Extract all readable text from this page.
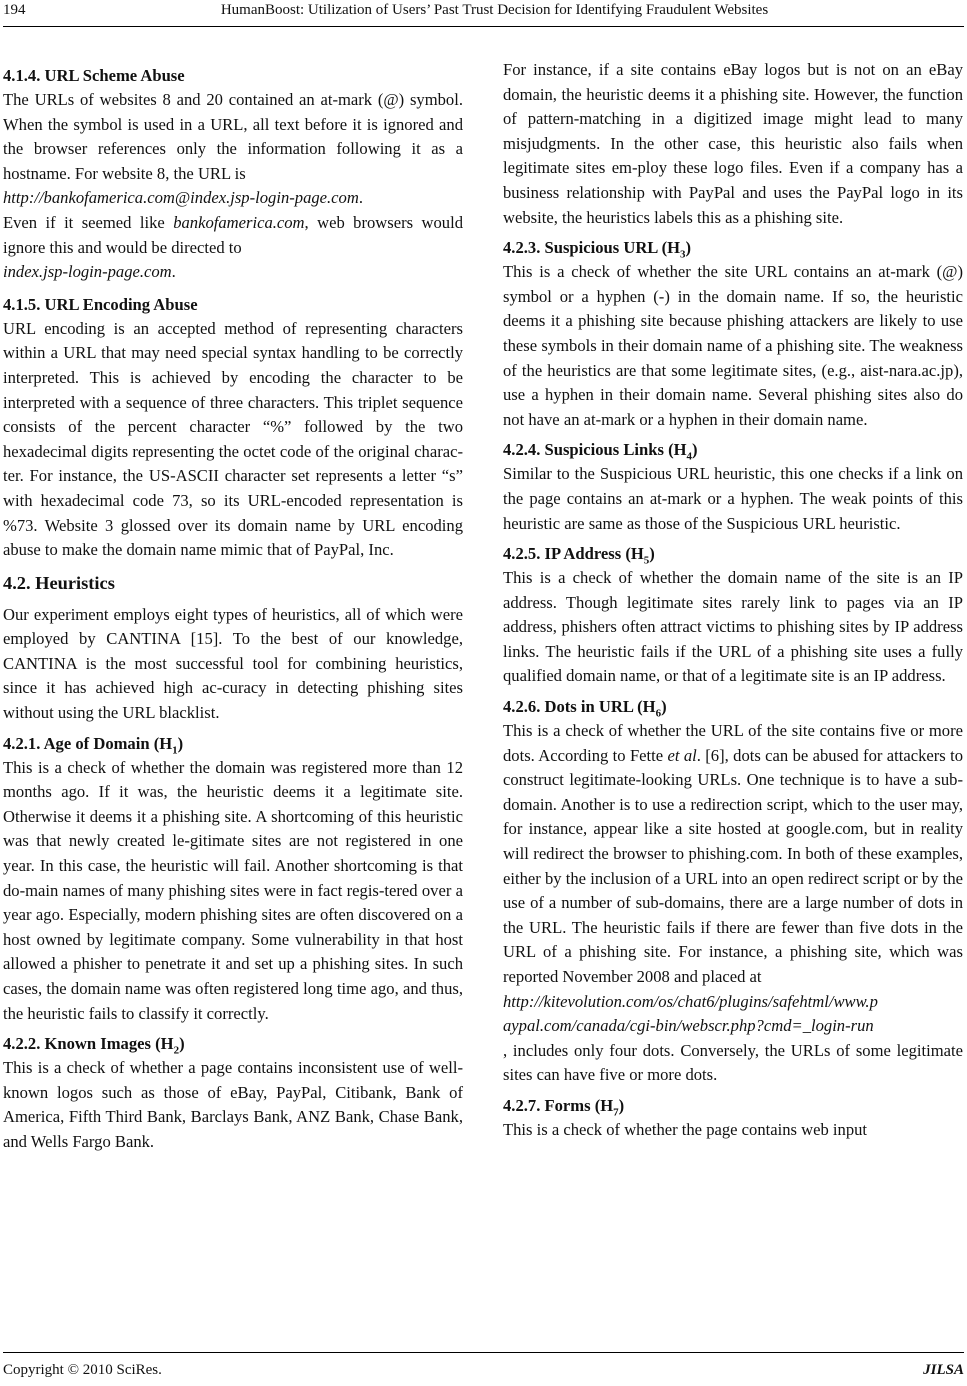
194	HumanBoost: Utilization of Users’ Past Trust Decision for Identifying Fraudulent Websites
4.1.4. URL Scheme Abuse

The URLs of websites 8 and 20 contained an at-mark (@) symbol. When the symbol is used in a URL, all text before it is ignored and the browser references only the information following it as a hostname. For website 8, the URL is
http://bankofamerica.com@index.jsp-login-page.com.
Even if it seemed like bankofamerica.com, web browsers would ignore this and would be directed to
index.jsp-login-page.com.

4.1.5. URL Encoding Abuse

URL encoding is an accepted method of representing characters within a URL that may need special syntax handling to be correctly interpreted. This is achieved by encoding the character to be interpreted with a sequence of three characters. This triplet sequence consists of the percent character “%” followed by the two hexadecimal digits representing the octet code of the original charac-ter. For instance, the US-ASCII character set represents a letter “s” with hexadecimal code 73, so its URL-encoded representation is %73. Website 3 glossed over its domain name by URL encoding abuse to make the domain name mimic that of PayPal, Inc.

4.2. Heuristics

Our experiment employs eight types of heuristics, all of which were employed by CANTINA [15]. To the best of our knowledge, CANTINA is the most successful tool for combining heuristics, since it has achieved high ac-curacy in detecting phishing sites without using the URL blacklist.

4.2.1. Age of Domain $(H_1)$

This is a check of whether the domain was registered more than 12 months ago. If it was, the heuristic deems it a legitimate site. Otherwise it deems it a phishing site. A shortcoming of this heuristic was that newly created le-gitimate sites are not registered in one year. In this case, the heuristic will fail. Another shortcoming is that do-main names of many phishing sites were in fact regis-tered over a year ago. Especially, modern phishing sites are often discovered on a host owned by legitimate company. Some vulnerability in that host allowed a phisher to penetrate it and set up a phishing sites. In such cases, the domain name was often registered long time ago, and thus, the heuristic fails to classify it correctly.

4.2.2. Known Images $(H_2)$

This is a check of whether a page contains inconsistent use of well-known logos such as those of eBay, PayPal, Citibank, Bank of America, Fifth Third Bank, Barclays Bank, ANZ Bank, Chase Bank, and Wells Fargo Bank.

For instance, if a site contains eBay logos but is not on an eBay domain, the heuristic deems it a phishing site. However, the function of pattern-matching in a digitized image might lead to many misjudgments. In the other case, this heuristic also fails when legitimate sites em-ploy these logo files. Even if a company has a business relationship with PayPal and uses the PayPal logo in its website, the heuristics labels this as a phishing site.

4.2.3. Suspicious URL $(H_3)$

This is a check of whether the site URL contains an at-mark (@) symbol or a hyphen (-) in the domain name. If so, the heuristic deems it a phishing site because phishing attackers are likely to use these symbols in their domain name of a phishing site. The weakness of the heuristics are that some legitimate sites, (e.g., aist-nara.ac.jp), use a hyphen in their domain name. Several phishing sites also do not have an at-mark or a hyphen in their domain name.

4.2.4. Suspicious Links $(H_4)$

Similar to the Suspicious URL heuristic, this one checks if a link on the page contains an at-mark or a hyphen. The weak points of this heuristic are same as those of the Suspicious URL heuristic.

4.2.5. IP Address $(H_5)$

This is a check of whether the domain name of the site is an IP address. Though legitimate sites rarely link to pages via an IP address, phishers often attract victims to phishing sites by IP address links. The heuristic fails if the URL of a phishing site uses a fully qualified domain name, or that of a legitimate site is an IP address.

4.2.6. Dots in URL $(H_6)$

This is a check of whether the URL of the site contains five or more dots. According to Fette et al. [6], dots can be abused for attackers to construct legitimate-looking URLs. One technique is to have a sub-domain. Another is to use a redirection script, which to the user may, for instance, appear like a site hosted at google.com, but in reality will redirect the browser to phishing.com. In both of these examples, either by the inclusion of a URL into an open redirect script or by the use of a number of sub-domains, there are a large number of dots in the URL. The heuristic fails if there are fewer than five dots in the URL of a phishing site. For instance, a phishing site, which was reported November 2008 and placed at
http://kitevolution.com/os/chat6/plugins/safehtml/www.p
aypal.com/canada/cgi-bin/webscr.php?cmd=_login-run
, includes only four dots. Conversely, the URLs of some legitimate sites can have five or more dots.

4.2.7. Forms $(H_7)$

This is a check of whether the page contains web input

Copyright © 2010 SciRes.	JILSA
